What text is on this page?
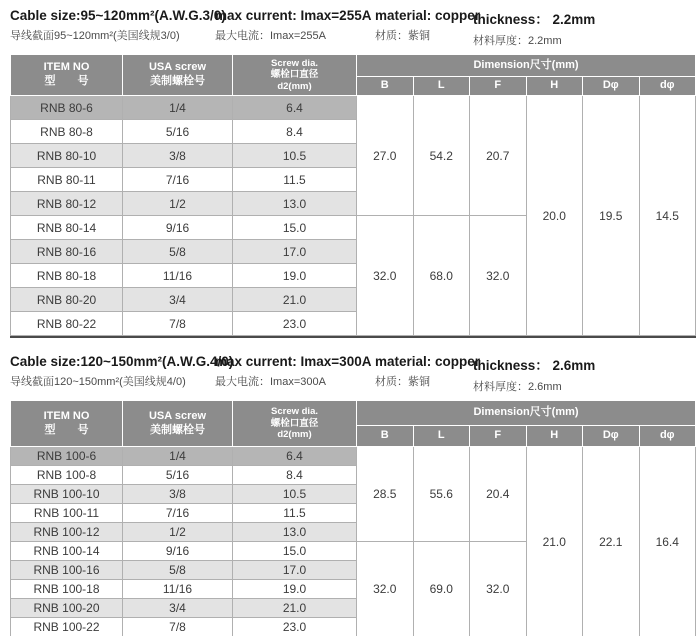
Cable size:95~120mm²(A.W.G.3/0)
导线截面95~120mm²(美国线规3/0)
max current: Imax=255A
最大电流：Imax=255A
material: copper
材质：紫铜
thickness： 2.2mm
材料厚度：2.2mm
ITEM NO
型　　号	USA screw
美制螺栓号	Screw dia.
螺栓口直径
d2(mm)	Dimension尺寸(mm)					
			B	L	F	H	Dφ	dφ
RNB 80-6	1/4	6.4	27.0	54.2	20.7	20.0	19.5	14.5
RNB 80-8	5/16	8.4						
RNB 80-10	3/8	10.5						
RNB 80-11	7/16	11.5						
RNB 80-12	1/2	13.0						
RNB 80-14	9/16	15.0	32.0	68.0	32.0			
RNB 80-16	5/8	17.0						
RNB 80-18	11/16	19.0						
RNB 80-20	3/4	21.0						
RNB 80-22	7/8	23.0						
Cable size:120~150mm²(A.W.G.4/0)
导线截面120~150mm²(美国线规4/0)
max current: Imax=300A
最大电流：Imax=300A
material: copper
材质：紫铜
thickness： 2.6mm
材料厚度：2.6mm
ITEM NO
型　　号	USA screw
美制螺栓号	Screw dia.
螺栓口直径
d2(mm)	Dimension尺寸(mm)					
			B	L	F	H	Dφ	dφ
RNB 100-6	1/4	6.4	28.5	55.6	20.4	21.0	22.1	16.4
RNB 100-8	5/16	8.4						
RNB 100-10	3/8	10.5						
RNB 100-11	7/16	11.5						
RNB 100-12	1/2	13.0						
RNB 100-14	9/16	15.0	32.0	69.0	32.0			
RNB 100-16	5/8	17.0						
RNB 100-18	11/16	19.0						
RNB 100-20	3/4	21.0						
RNB 100-22	7/8	23.0						
